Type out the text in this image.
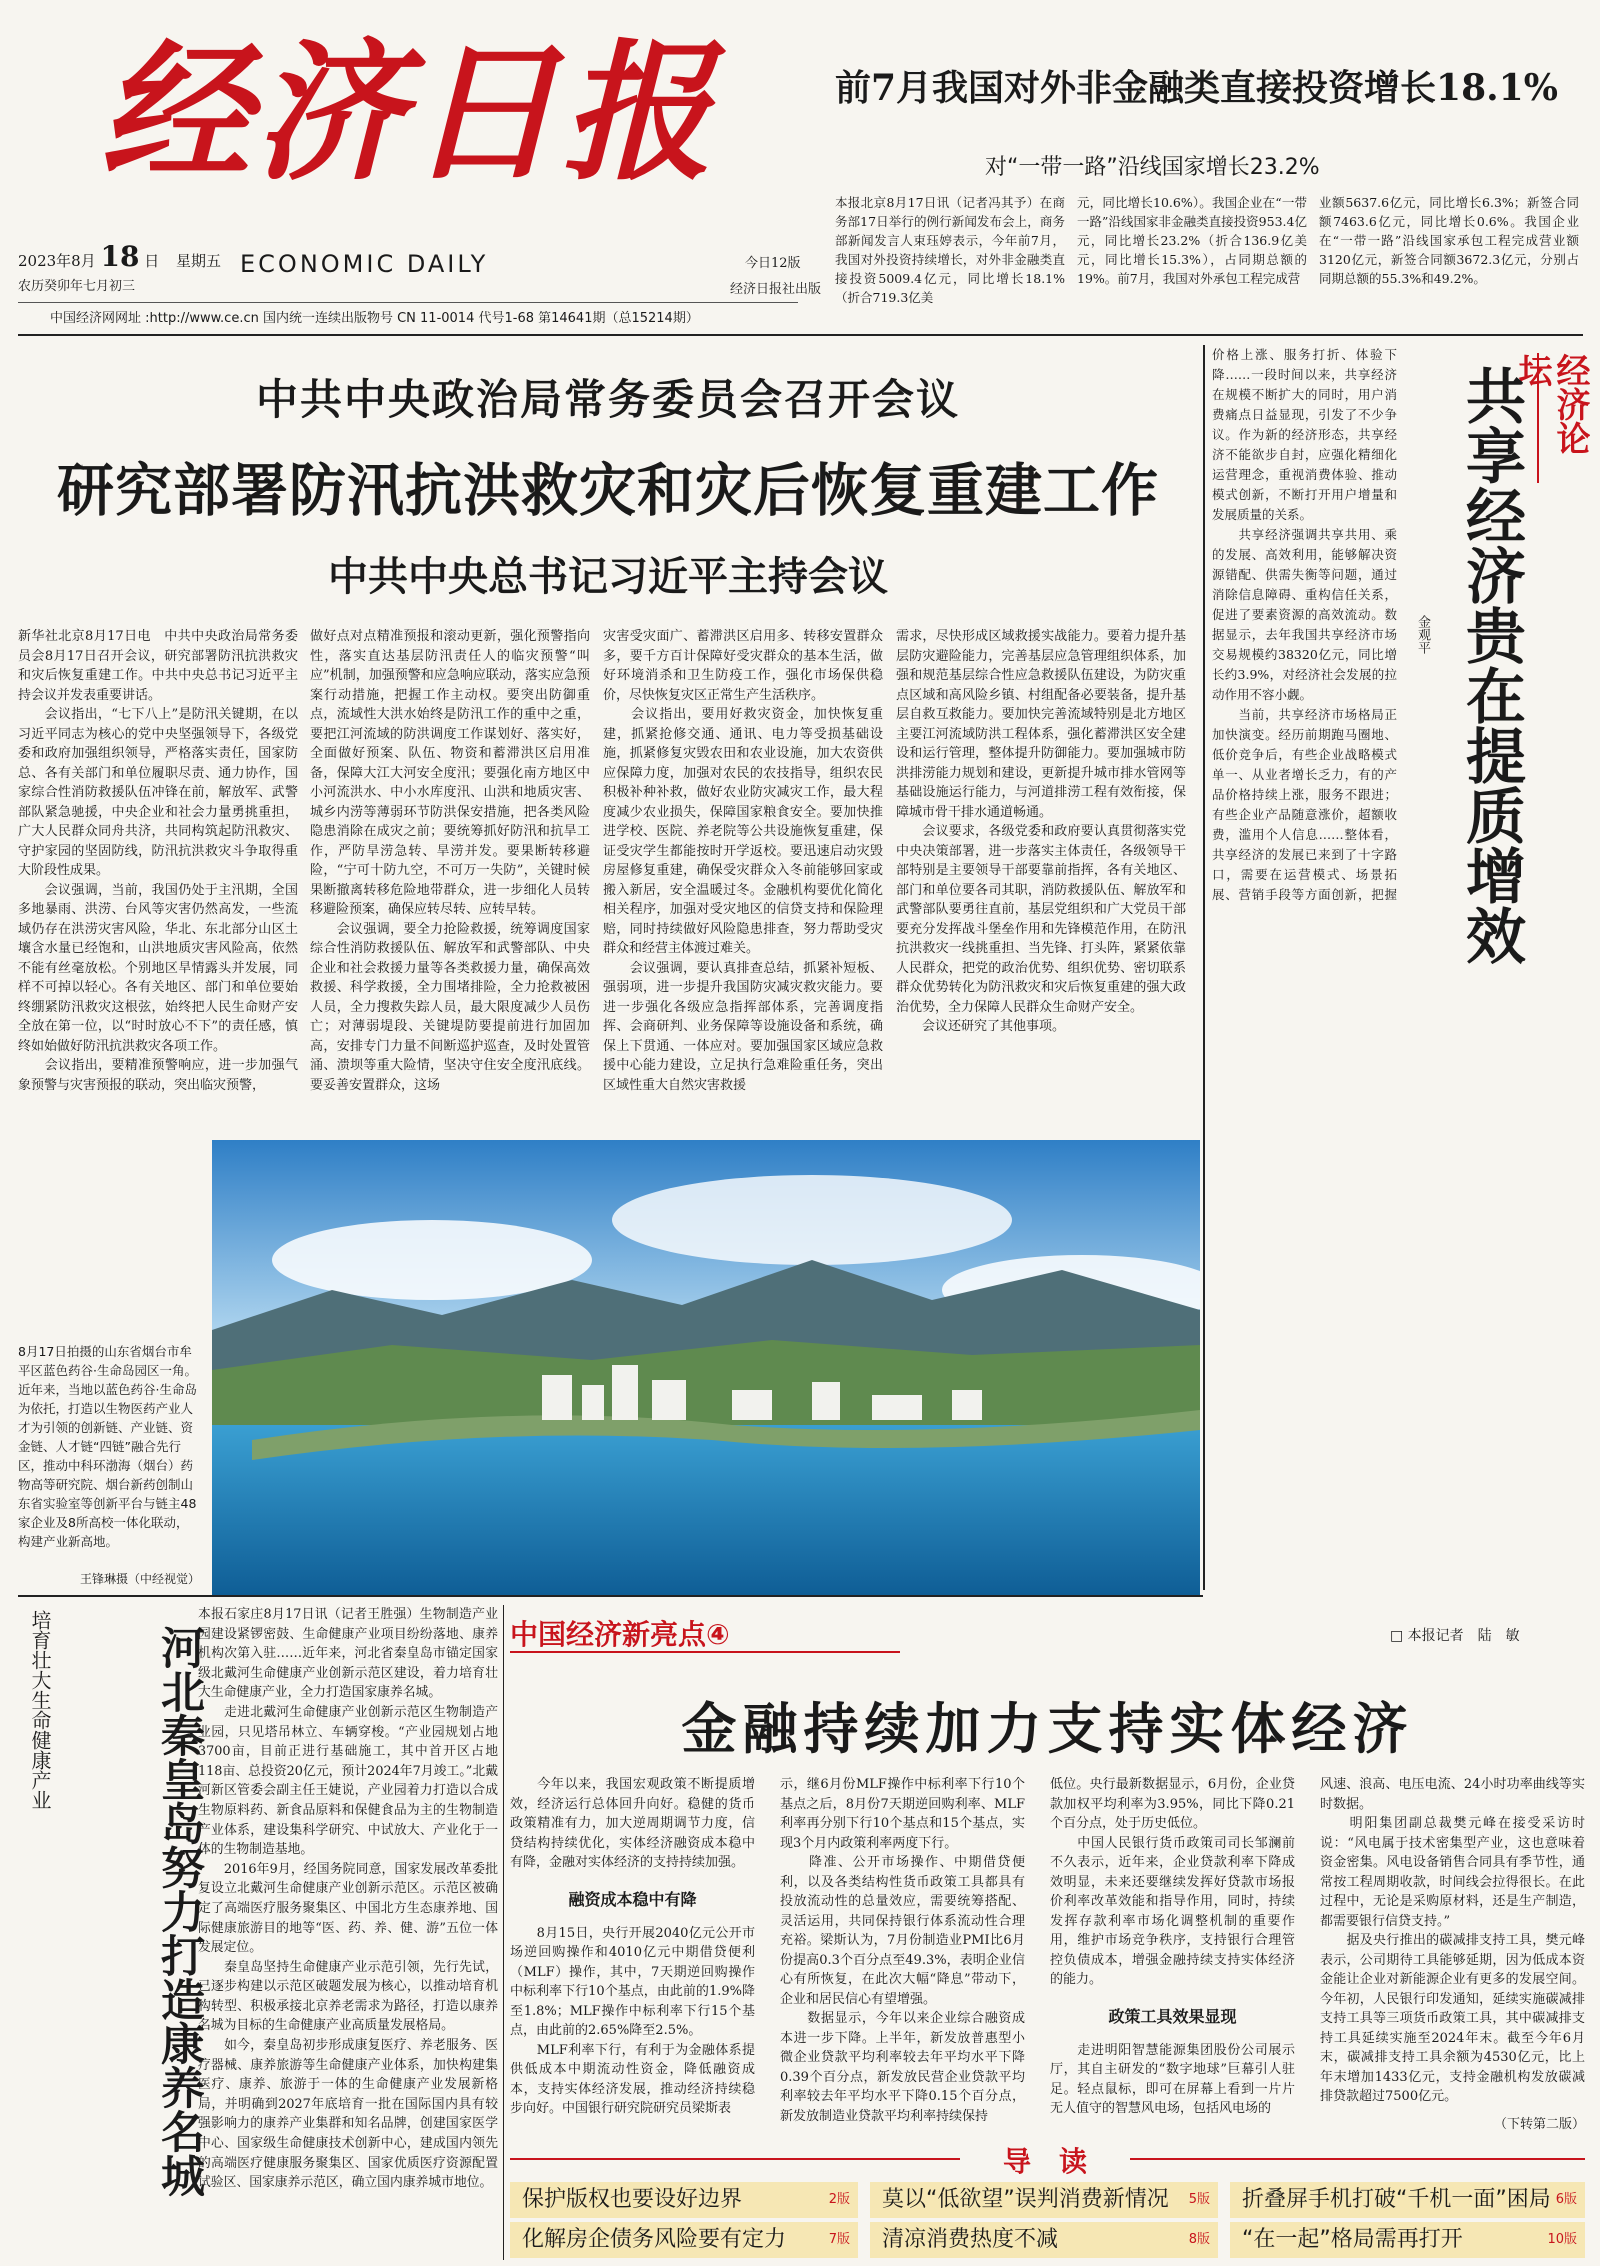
经济日报
2023年8月 18 日 星期五
农历癸卯年七月初三
ECONOMIC DAILY	今日12版
经济日报社出版
中国经济网网址 :http://www.ce.cn 国内统一连续出版物号 CN 11-0014 代号1-68 第14641期（总15214期）
前7月我国对外非金融类直接投资增长18.1%
对“一带一路”沿线国家增长23.2%
本报北京8月17日讯（记者冯其予）在商务部17日举行的例行新闻发布会上，商务部新闻发言人束珏婷表示，今年前7月，我国对外投资持续增长，对外非金融类直接投资5009.4亿元，同比增长18.1%（折合719.3亿美
元，同比增长10.6%）。我国企业在“一带一路”沿线国家非金融类直接投资953.4亿元，同比增长23.2%（折合136.9亿美元，同比增长15.3%），占同期总额的19%。前7月，我国对外承包工程完成营
业额5637.6亿元，同比增长6.3%；新签合同额7463.6亿元，同比增长0.6%。我国企业在“一带一路”沿线国家承包工程完成营业额3120亿元，新签合同额3672.3亿元，分别占同期总额的55.3%和49.2%。
中共中央政治局常务委员会召开会议
研究部署防汛抗洪救灾和灾后恢复重建工作
中共中央总书记习近平主持会议
新华社北京8月17日电　中共中央政治局常务委员会8月17日召开会议，研究部署防汛抗洪救灾和灾后恢复重建工作。中共中央总书记习近平主持会议并发表重要讲话。
　　会议指出，“七下八上”是防汛关键期，在以习近平同志为核心的党中央坚强领导下，各级党委和政府加强组织领导，严格落实责任，国家防总、各有关部门和单位履职尽责、通力协作，国家综合性消防救援队伍冲锋在前，解放军、武警部队紧急驰援，中央企业和社会力量勇挑重担，广大人民群众同舟共济，共同构筑起防汛救灾、守护家园的坚固防线，防汛抗洪救灾斗争取得重大阶段性成果。
　　会议强调，当前，我国仍处于主汛期，全国多地暴雨、洪涝、台风等灾害仍然高发，一些流域仍存在洪涝灾害风险，华北、东北部分山区土壤含水量已经饱和，山洪地质灾害风险高，依然不能有丝毫放松。个别地区旱情露头并发展，同样不可掉以轻心。各有关地区、部门和单位要始终绷紧防汛救灾这根弦，始终把人民生命财产安全放在第一位，以“时时放心不下”的责任感，慎终如始做好防汛抗洪救灾各项工作。
　　会议指出，要精准预警响应，进一步加强气象预警与灾害预报的联动，突出临灾预警，
做好点对点精准预报和滚动更新，强化预警指向性，落实直达基层防汛责任人的临灾预警“叫应”机制，加强预警和应急响应联动，落实应急预案行动措施，把握工作主动权。要突出防御重点，流域性大洪水始终是防汛工作的重中之重，要把江河流域的防洪调度工作谋划好、落实好，全面做好预案、队伍、物资和蓄滞洪区启用准备，保障大江大河安全度汛；要强化南方地区中小河流洪水、中小水库度汛、山洪和地质灾害、城乡内涝等薄弱环节防洪保安措施，把各类风险隐患消除在成灾之前；要统筹抓好防汛和抗旱工作，严防旱涝急转、旱涝并发。要果断转移避险，“宁可十防九空，不可万一失防”，关键时候果断撤离转移危险地带群众，进一步细化人员转移避险预案，确保应转尽转、应转早转。
　　会议强调，要全力抢险救援，统筹调度国家综合性消防救援队伍、解放军和武警部队、中央企业和社会救援力量等各类救援力量，确保高效救援、科学救援，全力围堵排险，全力抢救被困人员，全力搜救失踪人员，最大限度减少人员伤亡；对薄弱堤段、关键堤防要提前进行加固加高，安排专门力量不间断巡护巡查，及时处置管涌、溃坝等重大险情，坚决守住安全度汛底线。要妥善安置群众，这场
灾害受灾面广、蓄滞洪区启用多、转移安置群众多，要千方百计保障好受灾群众的基本生活，做好环境消杀和卫生防疫工作，强化市场保供稳价，尽快恢复灾区正常生产生活秩序。
　　会议指出，要用好救灾资金，加快恢复重建，抓紧抢修交通、通讯、电力等受损基础设施，抓紧修复灾毁农田和农业设施，加大农资供应保障力度，加强对农民的农技指导，组织农民积极补种补救，做好农业防灾减灾工作，最大程度减少农业损失，保障国家粮食安全。要加快推进学校、医院、养老院等公共设施恢复重建，保证受灾学生都能按时开学返校。要迅速启动灾毁房屋修复重建，确保受灾群众入冬前能够回家或搬入新居，安全温暖过冬。金融机构要优化简化相关程序，加强对受灾地区的信贷支持和保险理赔，同时持续做好风险隐患排查，努力帮助受灾群众和经营主体渡过难关。
　　会议强调，要认真排查总结，抓紧补短板、强弱项，进一步提升我国防灾减灾救灾能力。要进一步强化各级应急指挥部体系，完善调度指挥、会商研判、业务保障等设施设备和系统，确保上下贯通、一体应对。要加强国家区域应急救援中心能力建设，立足执行急难险重任务，突出区域性重大自然灾害救援
需求，尽快形成区域救援实战能力。要着力提升基层防灾避险能力，完善基层应急管理组织体系，加强和规范基层综合性应急救援队伍建设，为防灾重点区域和高风险乡镇、村组配备必要装备，提升基层自救互救能力。要加快完善流域特别是北方地区主要江河流域防洪工程体系，强化蓄滞洪区安全建设和运行管理，整体提升防御能力。要加强城市防洪排涝能力规划和建设，更新提升城市排水管网等基础设施运行能力，与河道排涝工程有效衔接，保障城市骨干排水通道畅通。
　　会议要求，各级党委和政府要认真贯彻落实党中央决策部署，进一步落实主体责任，各级领导干部特别是主要领导干部要靠前指挥，各有关地区、部门和单位要各司其职，消防救援队伍、解放军和武警部队要勇往直前，基层党组织和广大党员干部要充分发挥战斗堡垒作用和先锋模范作用，在防汛抗洪救灾一线挑重担、当先锋、打头阵，紧紧依靠人民群众，把党的政治优势、组织优势、密切联系群众优势转化为防汛救灾和灾后恢复重建的强大政治优势，全力保障人民群众生命财产安全。
　　会议还研究了其他事项。
8月17日拍摄的山东省烟台市牟平区蓝色药谷·生命岛园区一角。近年来，当地以蓝色药谷·生命岛为依托，打造以生物医药产业人才为引领的创新链、产业链、资金链、人才链“四链”融合先行区，推动中科环渤海（烟台）药物高等研究院、烟台新药创制山东省实验室等创新平台与链主48家企业及8所高校一体化联动，构建产业新高地。
王锋琳摄（中经视觉）
经济论坛
共享经济贵在提质增效
金观平
价格上涨、服务打折、体验下降……一段时间以来，共享经济在规模不断扩大的同时，用户消费痛点日益显现，引发了不少争议。作为新的经济形态，共享经济不能欲步自封，应强化精细化运营理念，重视消费体验、推动模式创新，不断打开用户增量和发展质量的关系。
　　共享经济强调共享共用、乘的发展、高效利用，能够解决资源错配、供需失衡等问题，通过消除信息障碍、重构信任关系，促进了要素资源的高效流动。数据显示，去年我国共享经济市场交易规模约38320亿元，同比增长约3.9%，对经济社会发展的拉动作用不容小觑。
　　当前，共享经济市场格局正加快演变。经历前期跑马圈地、低价竞争后，有些企业战略模式单一、从业者增长乏力，有的产品价格持续上涨，服务不跟进；有些企业产品随意涨价，超额收费，滥用个人信息……整体看，共享经济的发展已来到了十字路口，需要在运营模式、场景拓展、营销手段等方面创新，把握

培育壮大生命健康产业	河北秦皇岛努力打造康养名城
本报石家庄8月17日讯（记者王胜强）生物制造产业园建设紧锣密鼓、生命健康产业项目纷纷落地、康养机构次第入驻……近年来，河北省秦皇岛市锚定国家级北戴河生命健康产业创新示范区建设，着力培育壮大生命健康产业，全力打造国家康养名城。
　　走进北戴河生命健康产业创新示范区生物制造产业园，只见塔吊林立、车辆穿梭。“产业园规划占地3700亩，目前正进行基础施工，其中首开区占地118亩、总投资20亿元，预计2024年7月竣工。”北戴河新区管委会副主任王婕说，产业园着力打造以合成生物原料药、新食品原料和保健食品为主的生物制造产业体系，建设集科学研究、中试放大、产业化于一体的生物制造基地。
　　2016年9月，经国务院同意，国家发展改革委批复设立北戴河生命健康产业创新示范区。示范区被确定了高端医疗服务聚集区、中国北方生态康养地、国际健康旅游目的地等“医、药、养、健、游”五位一体发展定位。
　　秦皇岛坚持生命健康产业示范引领，先行先试，已逐步构建以示范区破题发展为核心，以推动培育机构转型、积极承接北京养老需求为路径，打造以康养名城为目标的生命健康产业高质量发展格局。
　　如今，秦皇岛初步形成康复医疗、养老服务、医疗器械、康养旅游等生命健康产业体系，加快构建集医疗、康养、旅游于一体的生命健康产业发展新格局，并明确到2027年底培育一批在国际国内具有较强影响力的康养产业集群和知名品牌，创建国家医学中心、国家级生命健康技术创新中心，建成国内领先的高端医疗健康服务聚集区、国家优质医疗资源配置试验区、国家康养示范区，确立国内康养城市地位。
中国经济新亮点④	□ 本报记者　陆　敏
金融持续加力支持实体经济
　　今年以来，我国宏观政策不断提质增效，经济运行总体回升向好。稳健的货币政策精准有力，加大逆周期调节力度，信贷结构持续优化，实体经济融资成本稳中有降，金融对实体经济的支持持续加强。
融资成本稳中有降
　　8月15日，央行开展2040亿元公开市场逆回购操作和4010亿元中期借贷便利（MLF）操作，其中，7天期逆回购操作中标利率下行10个基点，由此前的1.9%降至1.8%；MLF操作中标利率下行15个基点，由此前的2.65%降至2.5%。
　　MLF利率下行，有利于为金融体系提供低成本中期流动性资金，降低融资成本，支持实体经济发展，推动经济持续稳步向好。中国银行研究院研究员梁斯表
示，继6月份MLF操作中标利率下行10个基点之后，8月份7天期逆回购利率、MLF利率再分别下行10个基点和15个基点，实现3个月内政策利率两度下行。
　　降准、公开市场操作、中期借贷便利，以及各类结构性货币政策工具都具有投放流动性的总量效应，需要统筹搭配、灵活运用，共同保持银行体系流动性合理充裕。梁斯认为，7月份制造业PMI比6月份提高0.3个百分点至49.3%，表明企业信心有所恢复，在此次大幅“降息”带动下，企业和居民信心有望增强。
　　数据显示，今年以来企业综合融资成本进一步下降。上半年，新发放普惠型小微企业贷款平均利率较去年平均水平下降0.39个百分点，新发放民营企业贷款平均利率较去年平均水平下降0.15个百分点，新发放制造业贷款平均利率持续保持
低位。央行最新数据显示，6月份，企业贷款加权平均利率为3.95%，同比下降0.21个百分点，处于历史低位。
　　中国人民银行货币政策司司长邹澜前不久表示，近年来，企业贷款利率下降成效明显，未来还要继续发挥好贷款市场报价利率改革效能和指导作用，同时，持续发挥存款利率市场化调整机制的重要作用，维护市场竞争秩序，支持银行合理管控负债成本，增强金融持续支持实体经济的能力。
政策工具效果显现
　　走进明阳智慧能源集团股份公司展示厅，其自主研发的“数字地球”巨幕引人驻足。轻点鼠标，即可在屏幕上看到一片片无人值守的智慧风电场，包括风电场的
风速、浪高、电压电流、24小时功率曲线等实时数据。
　　明阳集团副总裁樊元峰在接受采访时说：“风电属于技术密集型产业，这也意味着资金密集。风电设备销售合同具有季节性，通常按工程周期收款，时间线会拉得很长。在此过程中，无论是采购原材料，还是生产制造，都需要银行信贷支持。”
　　据及央行推出的碳减排支持工具，樊元峰表示，公司期待工具能够延期，因为低成本资金能让企业对新能源企业有更多的发展空间。今年初，人民银行印发通知，延续实施碳减排支持工具等三项货币政策工具，其中碳减排支持工具延续实施至2024年末。截至今年6月末，碳减排支持工具余额为4530亿元，比上年末增加1433亿元，支持金融机构发放碳减排贷款超过7500亿元。
（下转第二版）
导　读
保护版权也要设好边界	2版	莫以“低欲望”误判消费新情况 5版	折叠屏手机打破“千机一面”困局 6版
化解房企债务风险要有定力	7版	清凉消费热度不减	8版	“在一起”格局需再打开	10版
